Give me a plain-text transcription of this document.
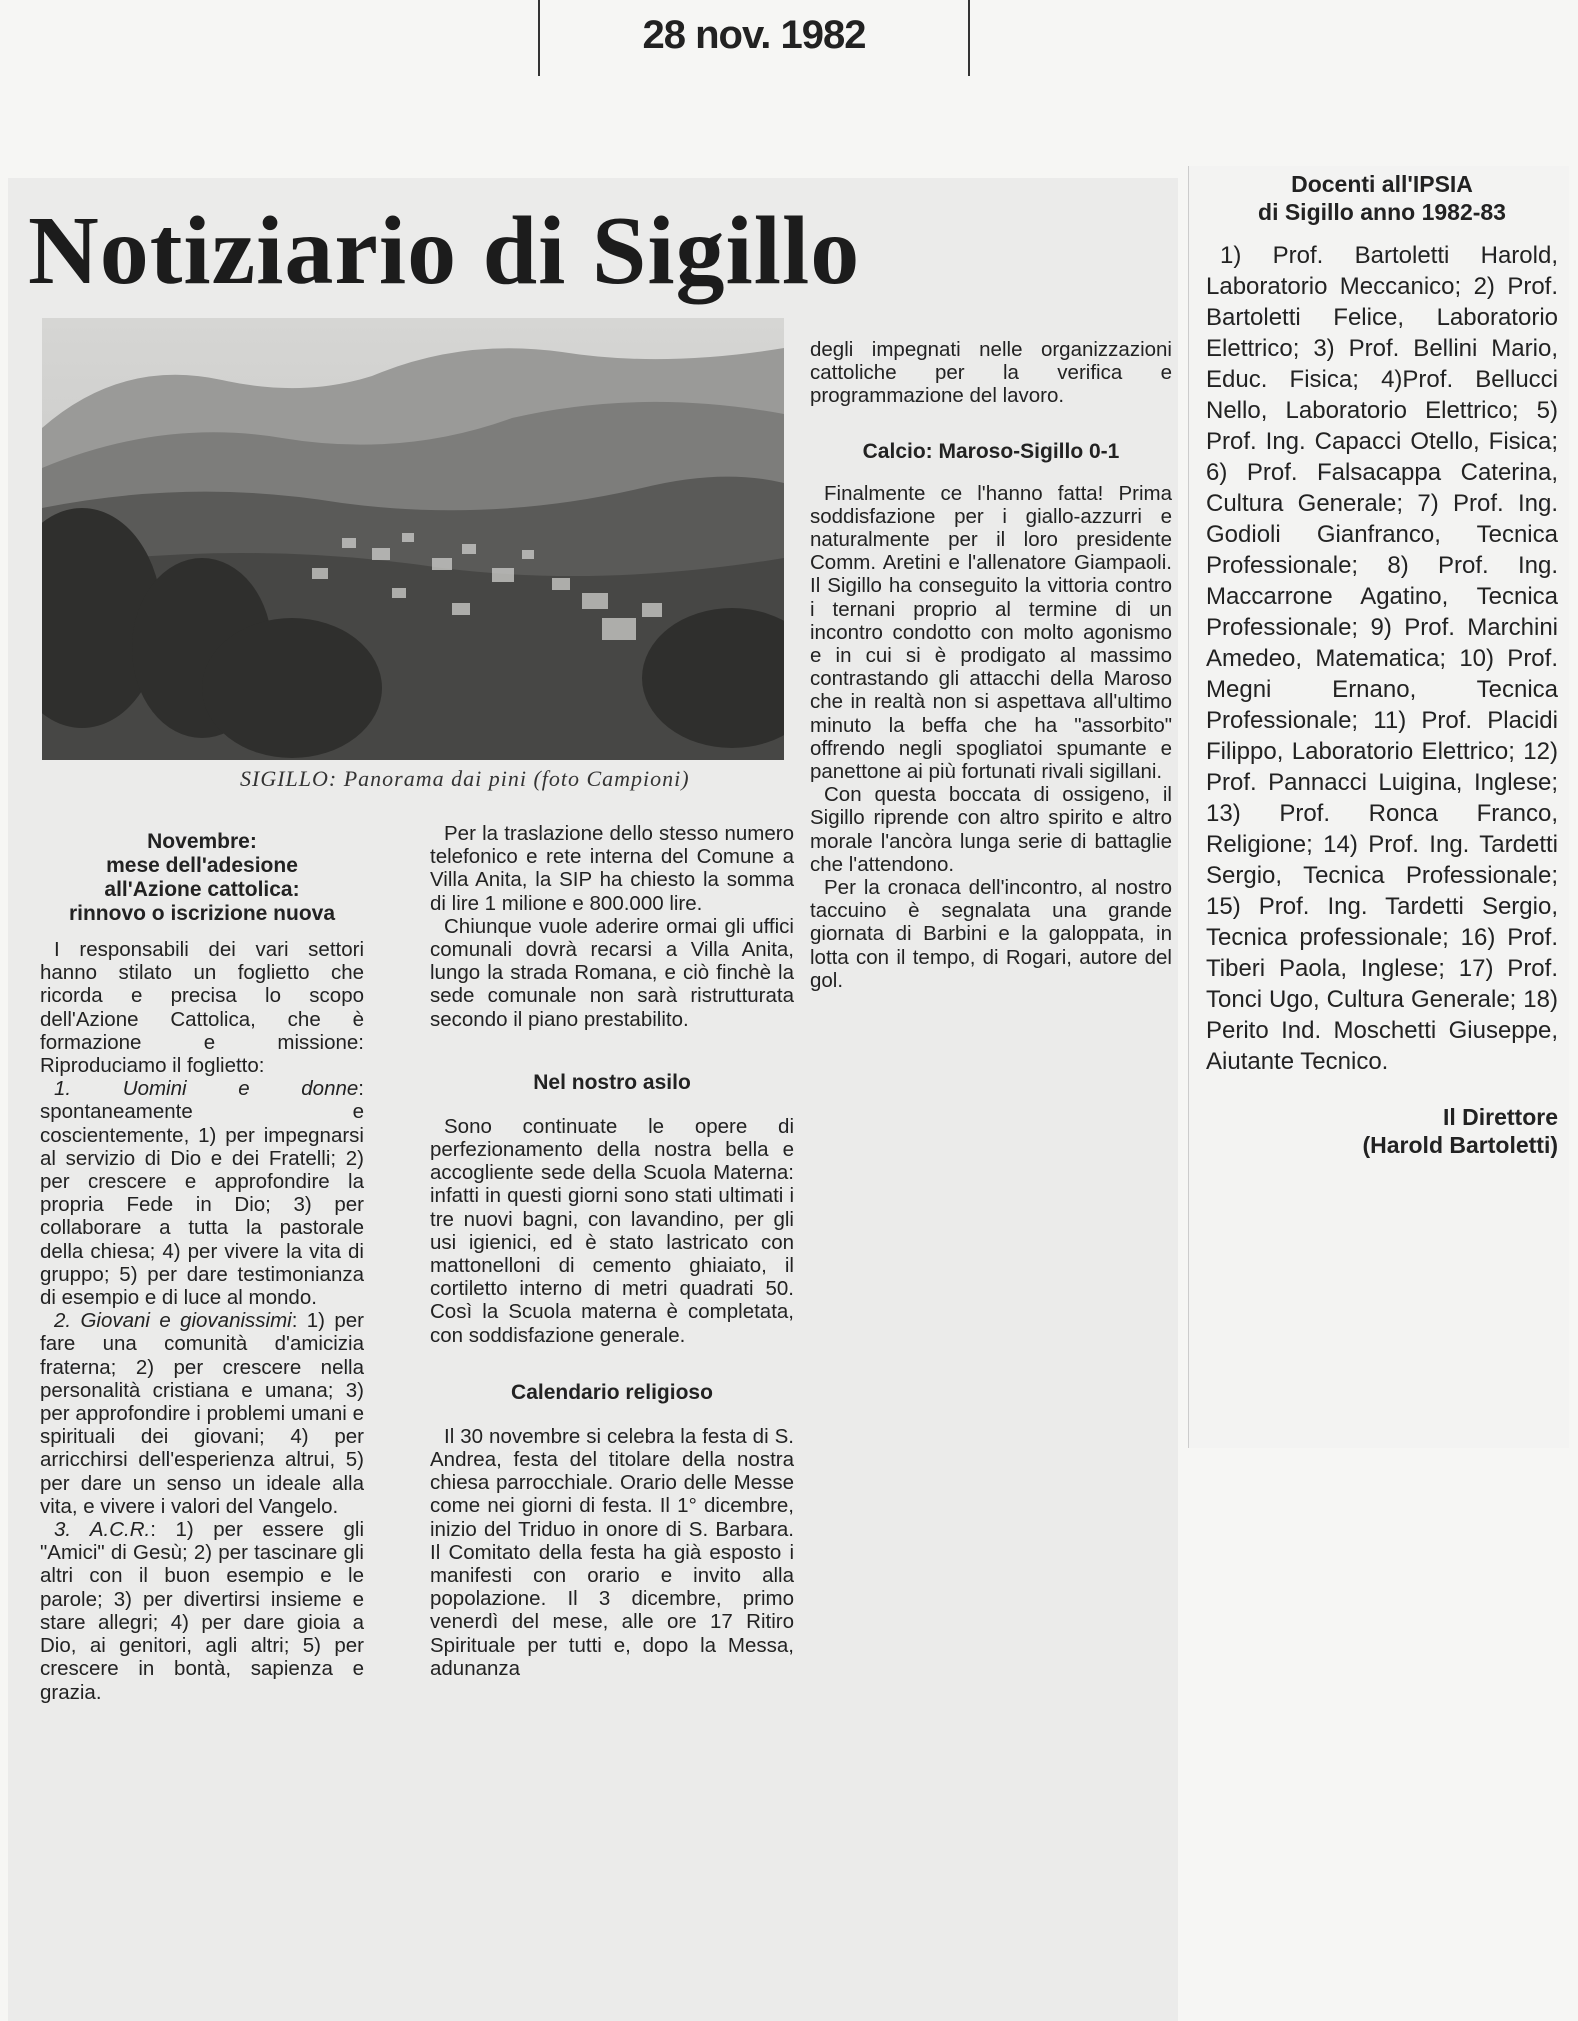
28 nov. 1982
Notiziario di Sigillo
SIGILLO: Panorama dai pini (foto Campioni)
Novembre:
mese dell'adesione
all'Azione cattolica:
rinnovo o iscrizione nuova

I responsabili dei vari settori hanno stilato un foglietto che ricorda e precisa lo scopo dell'Azione Cattolica, che è formazione e missione: Riproduciamo il foglietto:

1. Uomini e donne: spontaneamente e coscientemente, 1) per impegnarsi al servizio di Dio e dei Fratelli; 2) per crescere e approfondire la propria Fede in Dio; 3) per collaborare a tutta la pastorale della chiesa; 4) per vivere la vita di gruppo; 5) per dare testimonianza di esempio e di luce al mondo.

2. Giovani e giovanissimi: 1) per fare una comunità d'amicizia fraterna; 2) per crescere nella personalità cristiana e umana; 3) per approfondire i problemi umani e spirituali dei giovani; 4) per arricchirsi dell'esperienza altrui, 5) per dare un senso un ideale alla vita, e vivere i valori del Vangelo.

3. A.C.R.: 1) per essere gli "Amici" di Gesù; 2) per tascinare gli altri con il buon esempio e le parole; 3) per divertirsi insieme e stare allegri; 4) per dare gioia a Dio, ai genitori, agli altri; 5) per crescere in bontà, sapienza e grazia.

Per la traslazione dello stesso numero telefonico e rete interna del Comune a Villa Anita, la SIP ha chiesto la somma di lire 1 milione e 800.000 lire.

Chiunque vuole aderire ormai gli uffici comunali dovrà recarsi a Villa Anita, lungo la strada Romana, e ciò finchè la sede comunale non sarà ristrutturata secondo il piano prestabilito.

Nel nostro asilo

Sono continuate le opere di perfezionamento della nostra bella e accogliente sede della Scuola Materna: infatti in questi giorni sono stati ultimati i tre nuovi bagni, con lavandino, per gli usi igienici, ed è stato lastricato con mattonelloni di cemento ghiaiato, il cortiletto interno di metri quadrati 50. Così la Scuola materna è completata, con soddisfazione generale.

Calendario religioso

Il 30 novembre si celebra la festa di S. Andrea, festa del titolare della nostra chiesa parrocchiale. Orario delle Messe come nei giorni di festa. Il 1° dicembre, inizio del Triduo in onore di S. Barbara. Il Comitato della festa ha già esposto i manifesti con orario e invito alla popolazione. Il 3 dicembre, primo venerdì del mese, alle ore 17 Ritiro Spirituale per tutti e, dopo la Messa, adunanza

degli impegnati nelle organizzazioni cattoliche per la verifica e programmazione del lavoro.

Calcio: Maroso-Sigillo 0-1

Finalmente ce l'hanno fatta! Prima soddisfazione per i giallo-azzurri e naturalmente per il loro presidente Comm. Aretini e l'allenatore Giampaoli. Il Sigillo ha conseguito la vittoria contro i ternani proprio al termine di un incontro condotto con molto agonismo e in cui si è prodigato al massimo contrastando gli attacchi della Maroso che in realtà non si aspettava all'ultimo minuto la beffa che ha "assorbito" offrendo negli spogliatoi spumante e panettone ai più fortunati rivali sigillani.

Con questa boccata di ossigeno, il Sigillo riprende con altro spirito e altro morale l'ancòra lunga serie di battaglie che l'attendono.

Per la cronaca dell'incontro, al nostro taccuino è segnalata una grande giornata di Barbini e la galoppata, in lotta con il tempo, di Rogari, autore del gol.

Docenti all'IPSIA
di Sigillo anno 1982-83

1) Prof. Bartoletti Harold, Laboratorio Meccanico; 2) Prof. Bartoletti Felice, Laboratorio Elettrico; 3) Prof. Bellini Mario, Educ. Fisica; 4)Prof. Bellucci Nello, Laboratorio Elettrico; 5) Prof. Ing. Capacci Otello, Fisica; 6) Prof. Falsacappa Caterina, Cultura Generale; 7) Prof. Ing. Godioli Gianfranco, Tecnica Professionale; 8) Prof. Ing. Maccarrone Agatino, Tecnica Professionale; 9) Prof. Marchini Amedeo, Matematica; 10) Prof. Megni Ernano, Tecnica Professionale; 11) Prof. Placidi Filippo, Laboratorio Elettrico; 12) Prof. Pannacci Luigina, Inglese; 13) Prof. Ronca Franco, Religione; 14) Prof. Ing. Tardetti Sergio, Tecnica Professionale; 15) Prof. Ing. Tardetti Sergio, Tecnica professionale; 16) Prof. Tiberi Paola, Inglese; 17) Prof. Tonci Ugo, Cultura Generale; 18) Perito Ind. Moschetti Giuseppe, Aiutante Tecnico.

Il Direttore
(Harold Bartoletti)
